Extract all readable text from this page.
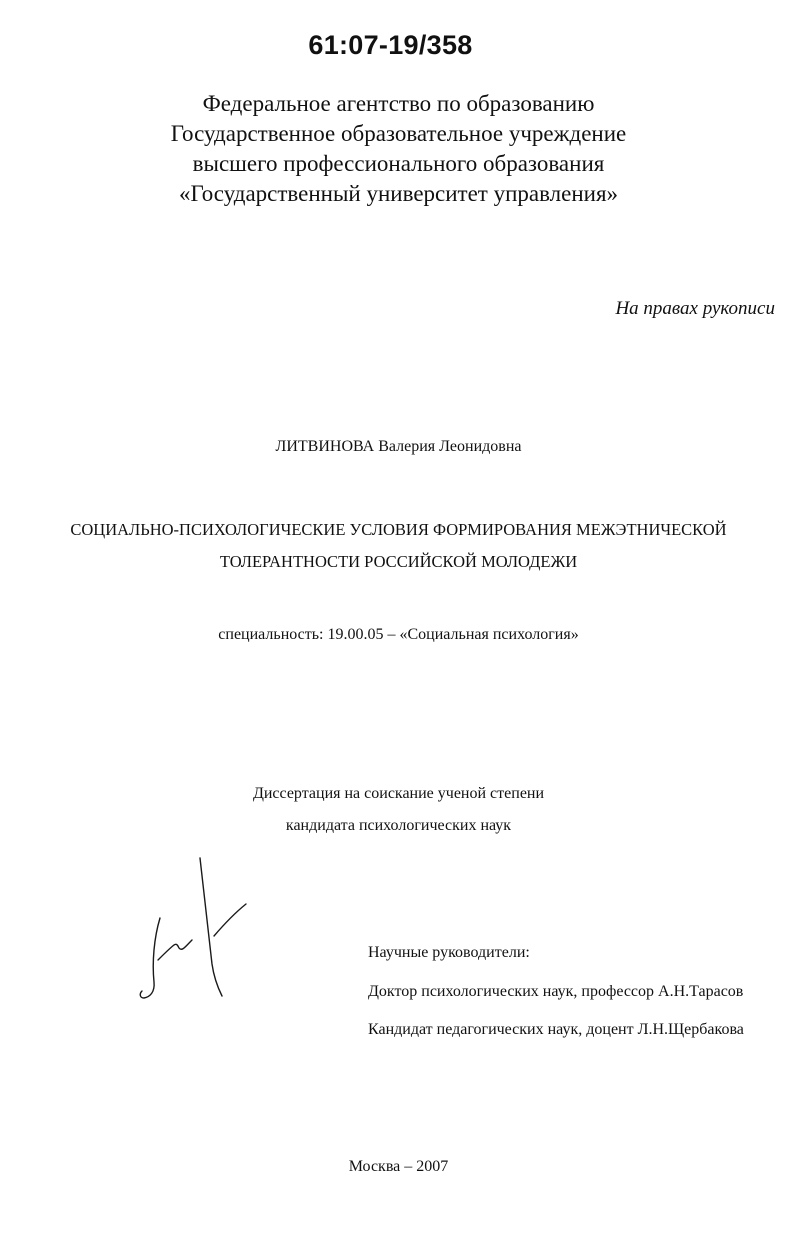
61:07-19/358
Федеральное агентство по образованию
Государственное образовательное учреждение
высшего профессионального образования
«Государственный университет управления»
На правах рукописи
ЛИТВИНОВА Валерия Леонидовна
СОЦИАЛЬНО-ПСИХОЛОГИЧЕСКИЕ УСЛОВИЯ ФОРМИРОВАНИЯ МЕЖЭТНИЧЕСКОЙ
ТОЛЕРАНТНОСТИ РОССИЙСКОЙ МОЛОДЕЖИ
специальность: 19.00.05 – «Социальная психология»
Диссертация на соискание ученой степени
кандидата психологических наук
Научные руководители:
Доктор психологических наук, профессор А.Н.Тарасов
Кандидат педагогических наук, доцент Л.Н.Щербакова
Москва – 2007
